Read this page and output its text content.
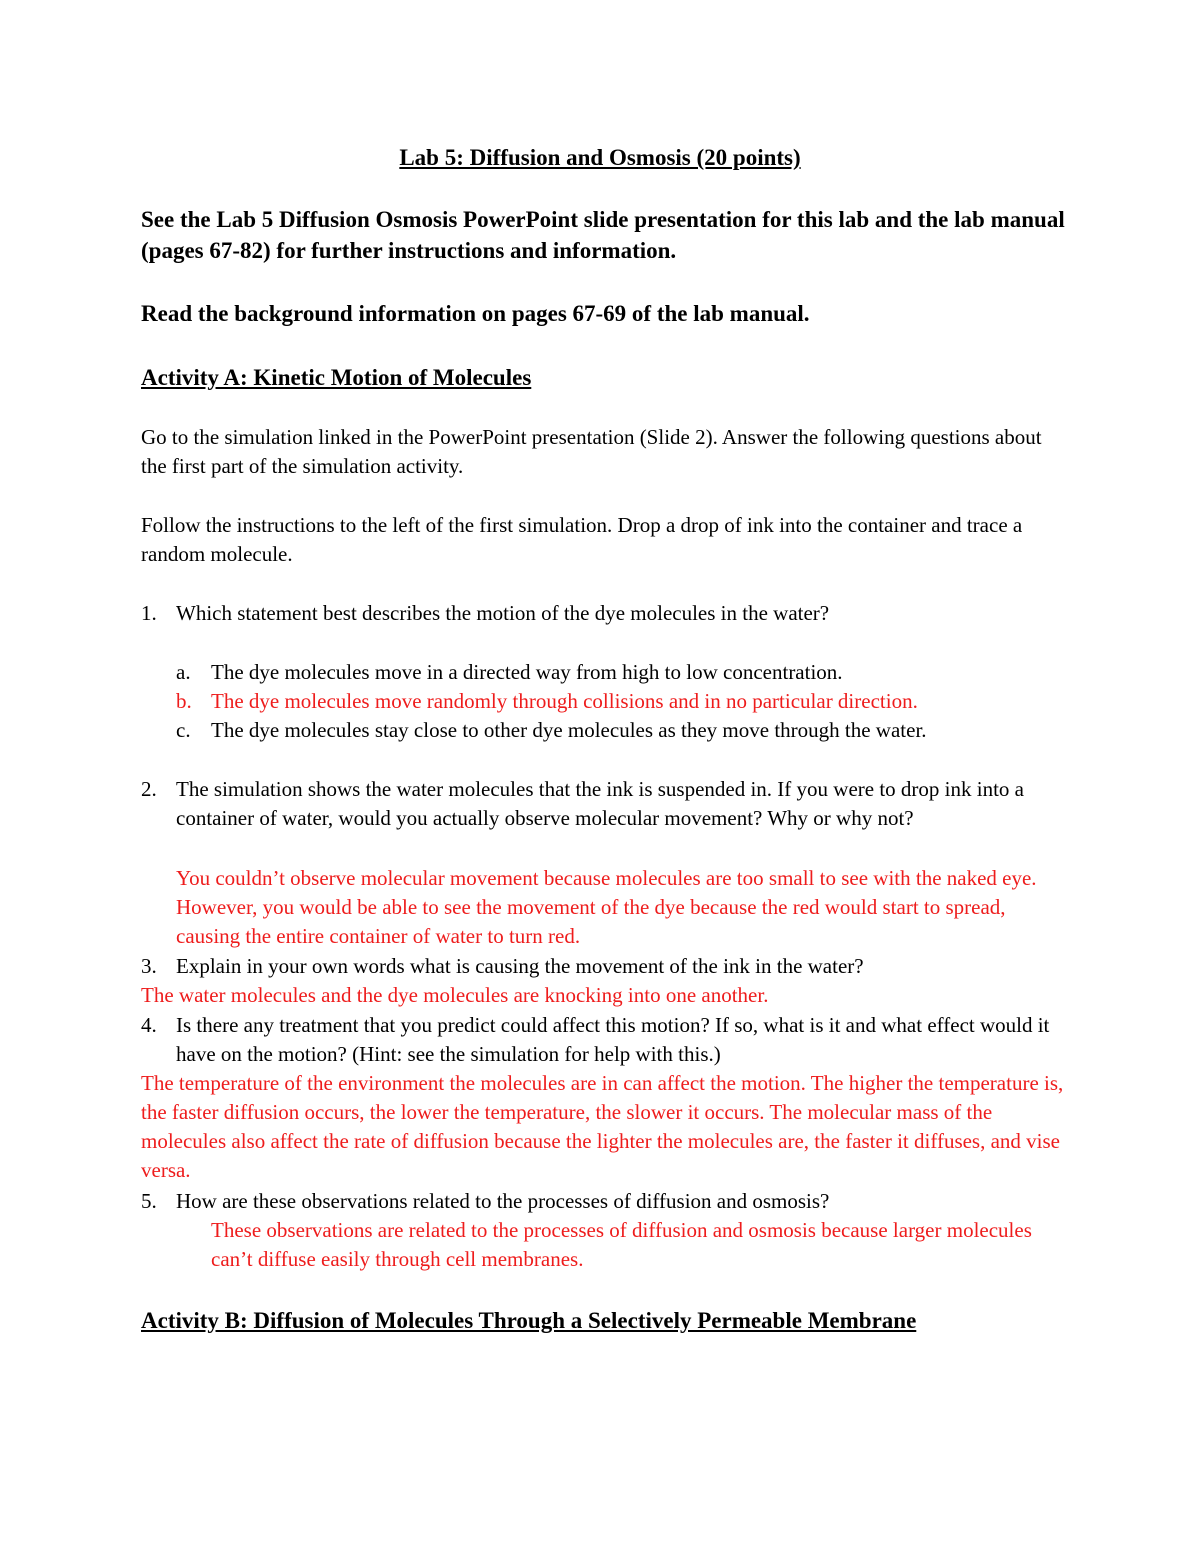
Lab 5: Diffusion and Osmosis (20 points)

See the Lab 5 Diffusion Osmosis PowerPoint slide presentation for this lab and the lab manual (pages 67-82) for further instructions and information.

Read the background information on pages 67-69 of the lab manual.

Activity A: Kinetic Motion of Molecules

Go to the simulation linked in the PowerPoint presentation (Slide 2). Answer the following questions about the first part of the simulation activity.

Follow the instructions to the left of the first simulation. Drop a drop of ink into the container and trace a random molecule.

1. Which statement best describes the motion of the dye molecules in the water?
a. The dye molecules move in a directed way from high to low concentration.
b. The dye molecules move randomly through collisions and in no particular direction.
c. The dye molecules stay close to other dye molecules as they move through the water.
2. The simulation shows the water molecules that the ink is suspended in. If you were to drop ink into a container of water, would you actually observe molecular movement? Why or why not?

You couldn’t observe molecular movement because molecules are too small to see with the naked eye. However, you would be able to see the movement of the dye because the red would start to spread, causing the entire container of water to turn red.

3. Explain in your own words what is causing the movement of the ink in the water?

The water molecules and the dye molecules are knocking into one another.

4. Is there any treatment that you predict could affect this motion? If so, what is it and what effect would it have on the motion? (Hint: see the simulation for help with this.)

The temperature of the environment the molecules are in can affect the motion. The higher the temperature is, the faster diffusion occurs, the lower the temperature, the slower it occurs. The molecular mass of the molecules also affect the rate of diffusion because the lighter the molecules are, the faster it diffuses, and vise versa.

5. How are these observations related to the processes of diffusion and osmosis?

These observations are related to the processes of diffusion and osmosis because larger molecules can’t diffuse easily through cell membranes.

Activity B: Diffusion of Molecules Through a Selectively Permeable Membrane
